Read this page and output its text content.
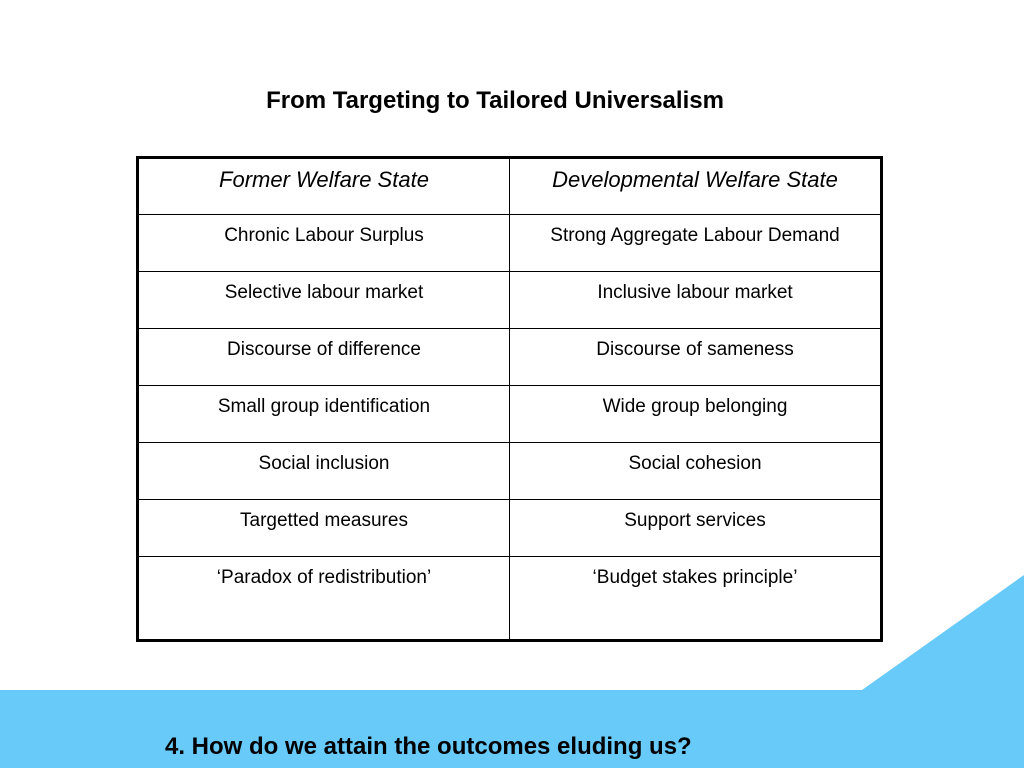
From Targeting to Tailored Universalism
Former Welfare State	Developmental Welfare State
Chronic Labour Surplus	Strong Aggregate Labour Demand
Selective labour market	Inclusive labour market
Discourse of difference	Discourse of sameness
Small group identification	Wide group belonging
Social inclusion	Social cohesion
Targetted measures	Support services
‘Paradox of redistribution’	‘Budget stakes principle’
4. How do we attain the outcomes eluding us?
